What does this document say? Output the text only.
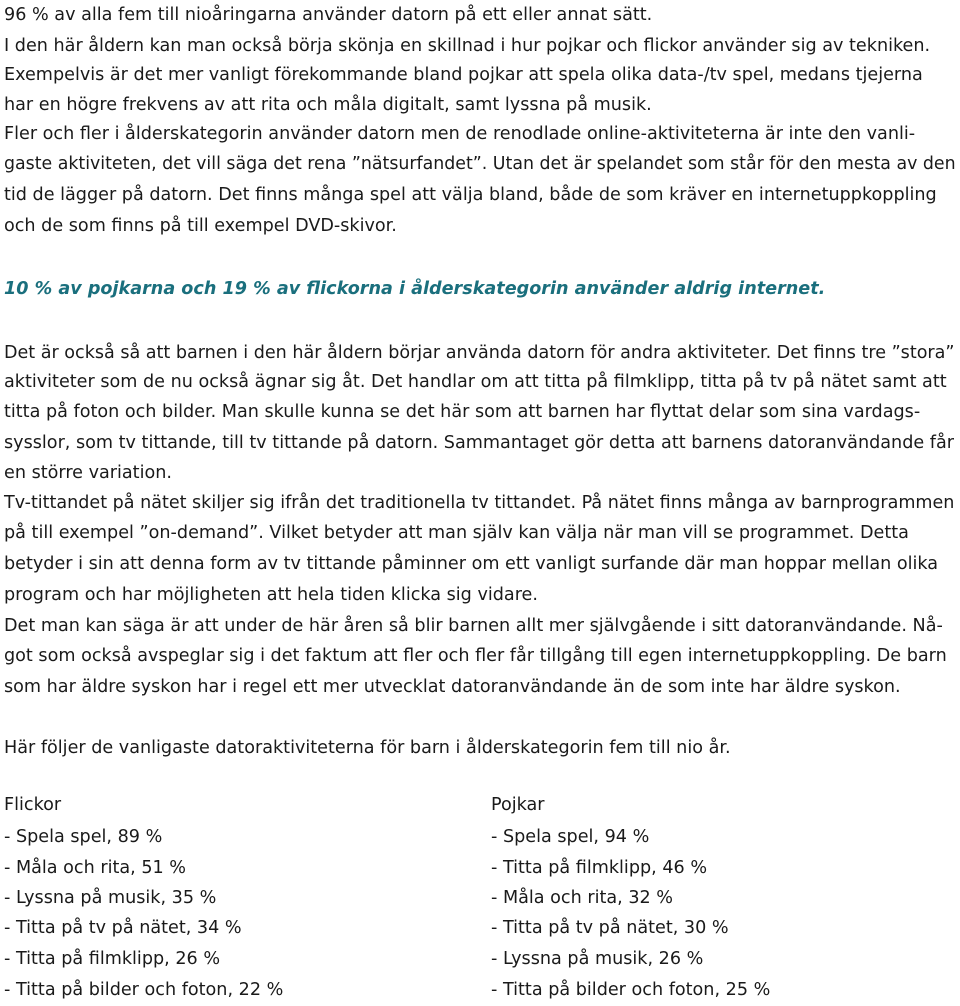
96 % av alla fem till nioåringarna använder datorn på ett eller annat sätt.

I den här åldern kan man också börja skönja en skillnad i hur pojkar och flickor använder sig av tekniken.

Exempelvis är det mer vanligt förekommande bland pojkar att spela olika data-/tv spel, medans tjejerna

har en högre frekvens av att rita och måla digitalt, samt lyssna på musik.

Fler och fler i ålderskategorin använder datorn men de renodlade online-aktiviteterna är inte den vanli-

gaste aktiviteten, det vill säga det rena ”nätsurfandet”. Utan det är spelandet som står för den mesta av den

tid de lägger på datorn. Det finns många spel att välja bland, både de som kräver en internetuppkoppling

och de som finns på till exempel DVD-skivor.

10 % av pojkarna och 19 % av flickorna i ålderskategorin använder aldrig internet.

Det är också så att barnen i den här åldern börjar använda datorn för andra aktiviteter. Det finns tre ”stora”

aktiviteter som de nu också ägnar sig åt. Det handlar om att titta på filmklipp, titta på tv på nätet samt att

titta på foton och bilder. Man skulle kunna se det här som att barnen har flyttat delar som sina vardags-

sysslor, som tv tittande, till tv tittande på datorn. Sammantaget gör detta att barnens datoranvändande får

en större variation.

Tv-tittandet på nätet skiljer sig ifrån det traditionella tv tittandet. På nätet finns många av barnprogrammen

på till exempel ”on-demand”. Vilket betyder att man själv kan välja när man vill se programmet. Detta

betyder i sin att denna form av tv tittande påminner om ett vanligt surfande där man hoppar mellan olika

program och har möjligheten att hela tiden klicka sig vidare.

Det man kan säga är att under de här åren så blir barnen allt mer självgående i sitt datoranvändande. Nå-

got som också avspeglar sig i det faktum att fler och fler får tillgång till egen internetuppkoppling. De barn

som har äldre syskon har i regel ett mer utvecklat datoranvändande än de som inte har äldre syskon.

Här följer de vanligaste datoraktiviteterna för barn i ålderskategorin fem till nio år.

Flickor

- Spela spel, 89 %

- Måla och rita, 51 %

- Lyssna på musik, 35 %

- Titta på tv på nätet, 34 %

- Titta på filmklipp, 26 %

- Titta på bilder och foton, 22 %

Pojkar

- Spela spel, 94 %

- Titta på filmklipp, 46 %

- Måla och rita, 32 %

- Titta på tv på nätet, 30 %

- Lyssna på musik, 26 %

- Titta på bilder och foton, 25 %
